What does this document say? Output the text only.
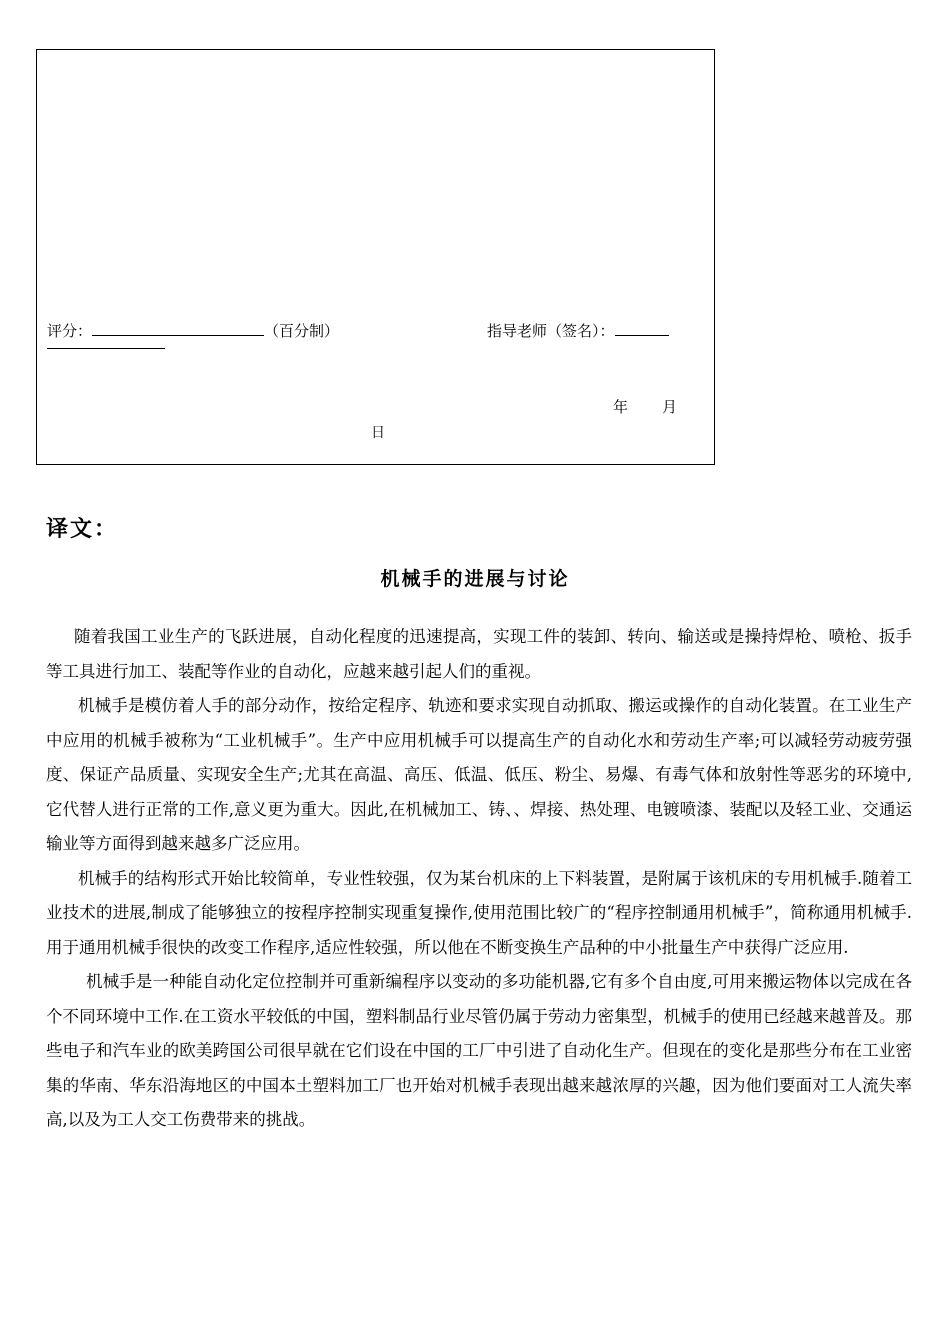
评分：	（百分制）	指导老师（签名）：
年 月
日
译文：
机械手的进展与讨论

随着我国工业生产的飞跃进展，自动化程度的迅速提高，实现工件的装卸、转向、输送或是操持焊枪、喷枪、扳手等工具进行加工、装配等作业的自动化，应越来越引起人们的重视。

机械手是模仿着人手的部分动作，按给定程序、轨迹和要求实现自动抓取、搬运或操作的自动化装置。在工业生产中应用的机械手被称为“工业机械手”。生产中应用机械手可以提高生产的自动化水和劳动生产率;可以减轻劳动疲劳强度、保证产品质量、实现安全生产;尤其在高温、高压、低温、低压、粉尘、易爆、有毒气体和放射性等恶劣的环境中,它代替人进行正常的工作,意义更为重大。因此,在机械加工、铸、、焊接、热处理、电镀喷漆、装配以及轻工业、交通运输业等方面得到越来越多广泛应用。

机械手的结构形式开始比较简单，专业性较强，仅为某台机床的上下料装置，是附属于该机床的专用机械手.随着工业技术的进展,制成了能够独立的按程序控制实现重复操作,使用范围比较广的“程序控制通用机械手”，简称通用机械手.用于通用机械手很快的改变工作程序,适应性较强，所以他在不断变换生产品种的中小批量生产中获得广泛应用.

机械手是一种能自动化定位控制并可重新编程序以变动的多功能机器,它有多个自由度,可用来搬运物体以完成在各个不同环境中工作.在工资水平较低的中国，塑料制品行业尽管仍属于劳动力密集型，机械手的使用已经越来越普及。那些电子和汽车业的欧美跨国公司很早就在它们设在中国的工厂中引进了自动化生产。但现在的变化是那些分布在工业密集的华南、华东沿海地区的中国本土塑料加工厂也开始对机械手表现出越来越浓厚的兴趣，因为他们要面对工人流失率高,以及为工人交工伤费带来的挑战。
